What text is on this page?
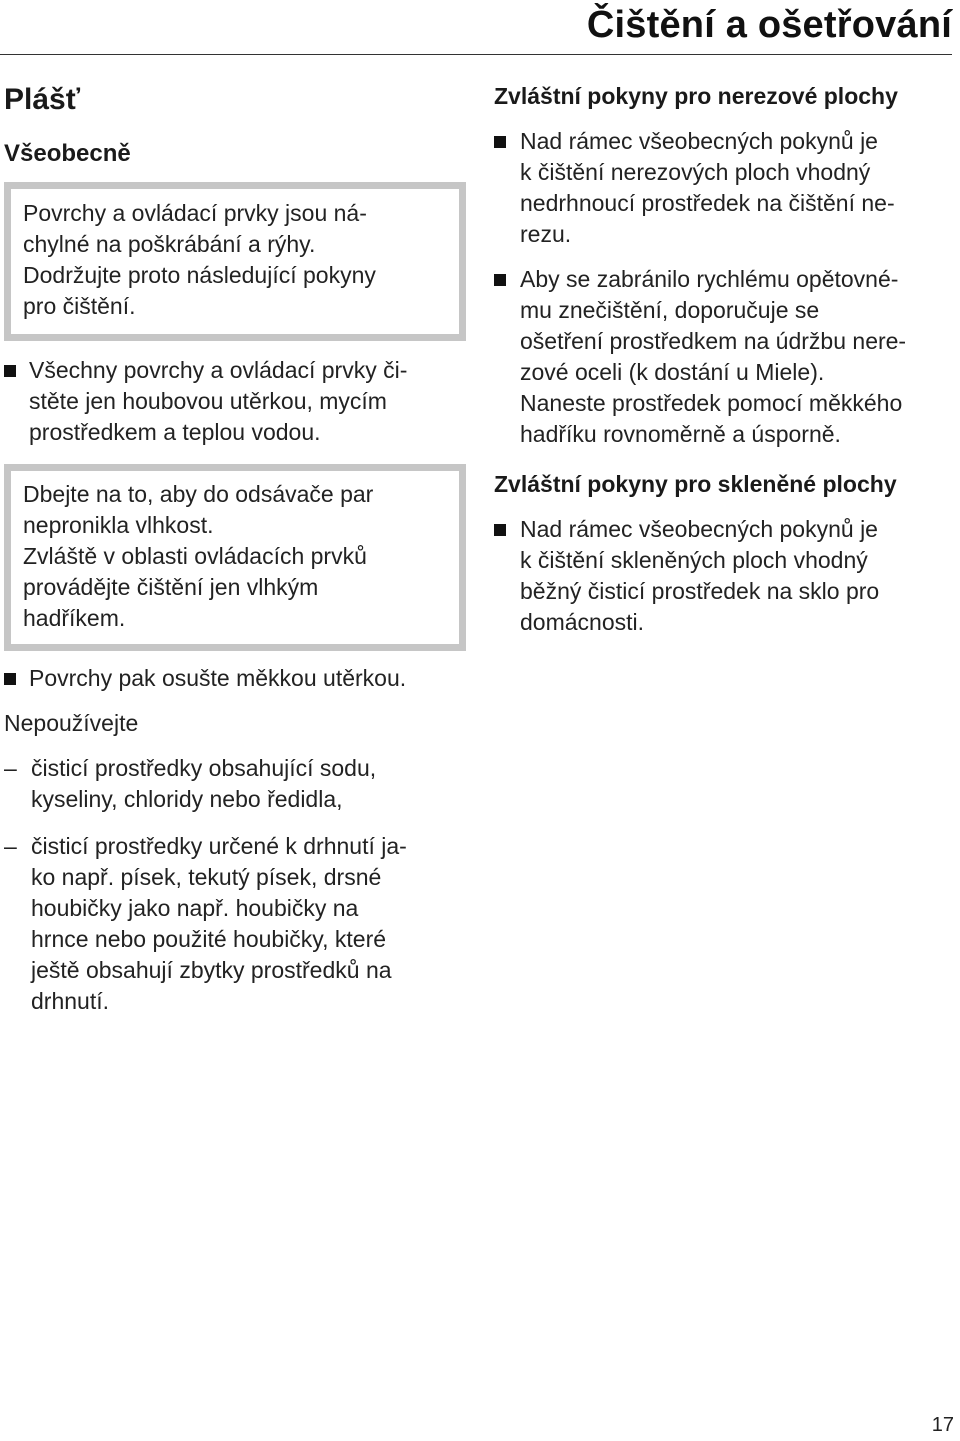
Čištění a ošetřování
Plášť
Všeobecně
Povrchy a ovládací prvky jsou ná-
chylné na poškrábání a rýhy.
Dodržujte proto následující pokyny
pro čištění.
Všechny povrchy a ovládací prvky či-
stěte jen houbovou utěrkou, mycím
prostředkem a teplou vodou.
Dbejte na to, aby do odsávače par
nepronikla vlhkost.
Zvláště v oblasti ovládacích prvků
provádějte čištění jen vlhkým
hadříkem.
Povrchy pak osušte měkkou utěrkou.
Nepoužívejte
– čisticí prostředky obsahující sodu,
kyseliny, chloridy nebo ředidla,
– čisticí prostředky určené k drhnutí ja-
ko např. písek, tekutý písek, drsné
houbičky jako např. houbičky na
hrnce nebo použité houbičky, které
ještě obsahují zbytky prostředků na
drhnutí.
Zvláštní pokyny pro nerezové plochy
Nad rámec všeobecných pokynů je
k čištění nerezových ploch vhodný
nedrhnoucí prostředek na čištění ne-
rezu.
Aby se zabránilo rychlému opětovné-
mu znečištění, doporučuje se
ošetření prostředkem na údržbu nere-
zové oceli (k dostání u Miele).
Naneste prostředek pomocí měkkého
hadříku rovnoměrně a úsporně.
Zvláštní pokyny pro skleněné plochy
Nad rámec všeobecných pokynů je
k čištění skleněných ploch vhodný
běžný čisticí prostředek na sklo pro
domácnosti.
17
